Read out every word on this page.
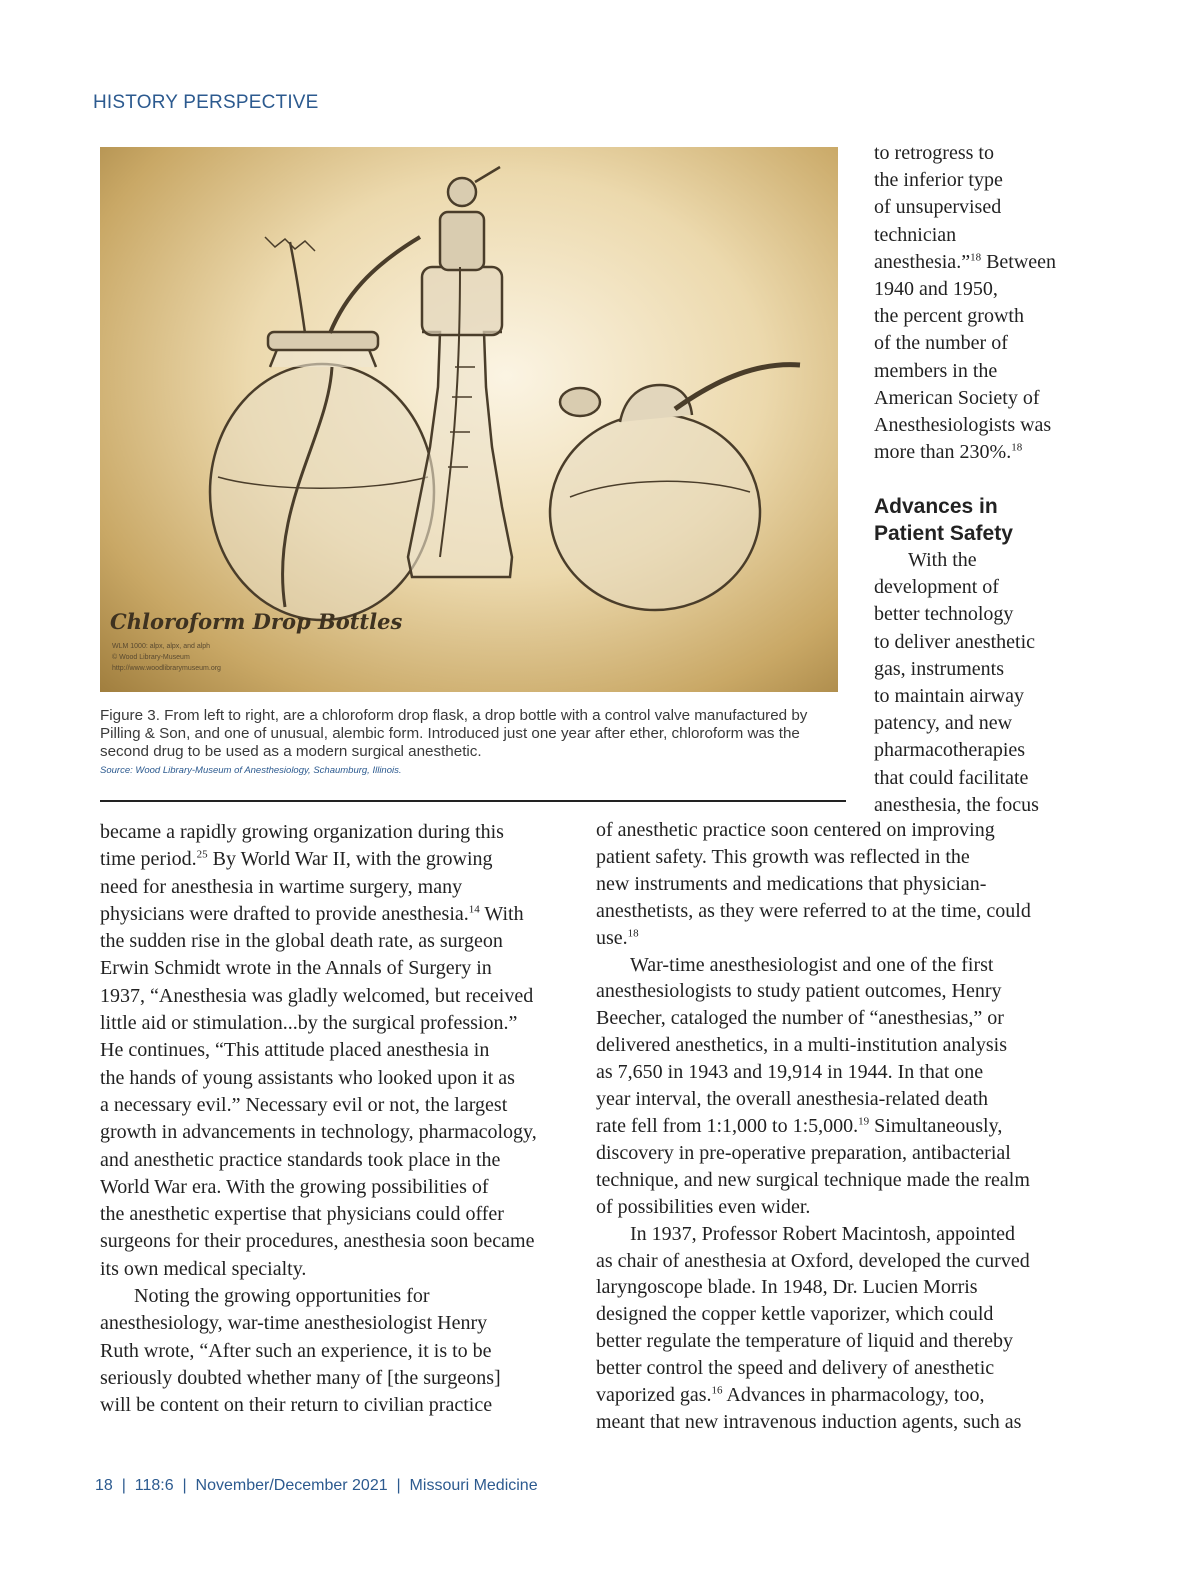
HISTORY PERSPECTIVE
Chloroform Drop Bottles
WLM 1000: alpx, alpx, and alph
© Wood Library-Museum
http://www.woodlibrarymuseum.org
Figure 3. From left to right, are a chloroform drop flask, a drop bottle with a control valve manufactured by Pilling & Son, and one of unusual, alembic form. Introduced just one year after ether, chloroform was the second drug to be used as a modern surgical anesthetic.
Source: Wood Library-Museum of Anesthesiology, Schaumburg, Illinois.

to retrogress to

the inferior type

of unsupervised

technician

anesthesia.”$^{18}$ Between

1940 and 1950,

the percent growth

of the number of

members in the

American Society of

Anesthesiologists was

more than 230%.$^{18}$

Advances in
Patient Safety

With the

development of

better technology

to deliver anesthetic

gas, instruments

to maintain airway

patency, and new

pharmacotherapies

that could facilitate

anesthesia, the focus

became a rapidly growing organization during this

time period.$^{25}$ By World War II, with the growing

need for anesthesia in wartime surgery, many

physicians were drafted to provide anesthesia.$^{14}$ With

the sudden rise in the global death rate, as surgeon

Erwin Schmidt wrote in the Annals of Surgery in

1937, “Anesthesia was gladly welcomed, but received

little aid or stimulation...by the surgical profession.”

He continues, “This attitude placed anesthesia in

the hands of young assistants who looked upon it as

a necessary evil.” Necessary evil or not, the largest

growth in advancements in technology, pharmacology,

and anesthetic practice standards took place in the

World War era. With the growing possibilities of

the anesthetic expertise that physicians could offer

surgeons for their procedures, anesthesia soon became

its own medical specialty.

Noting the growing opportunities for

anesthesiology, war-time anesthesiologist Henry

Ruth wrote, “After such an experience, it is to be

seriously doubted whether many of [the surgeons]

will be content on their return to civilian practice

of anesthetic practice soon centered on improving

patient safety. This growth was reflected in the

new instruments and medications that physician-

anesthetists, as they were referred to at the time, could

use.$^{18}$

War-time anesthesiologist and one of the first

anesthesiologists to study patient outcomes, Henry

Beecher, cataloged the number of “anesthesias,” or

delivered anesthetics, in a multi-institution analysis

as 7,650 in 1943 and 19,914 in 1944. In that one

year interval, the overall anesthesia-related death

rate fell from 1:1,000 to 1:5,000.19 Simultaneously,

discovery in pre-operative preparation, antibacterial

technique, and new surgical technique made the realm

of possibilities even wider.

In 1937, Professor Robert Macintosh, appointed

as chair of anesthesia at Oxford, developed the curved

laryngoscope blade. In 1948, Dr. Lucien Morris

designed the copper kettle vaporizer, which could

better regulate the temperature of liquid and thereby

better control the speed and delivery of anesthetic

vaporized gas.$^{16}$ Advances in pharmacology, too,

meant that new intravenous induction agents, such as

18  |  118:6  |  November/December 2021  |  Missouri Medicine
